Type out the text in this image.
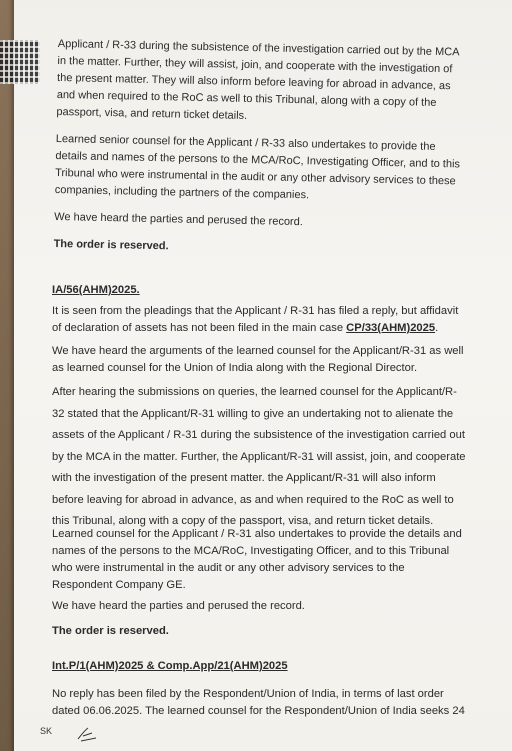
Applicant / R-33 during the subsistence of the investigation carried out by the MCA in the matter. Further, they will assist, join, and cooperate with the investigation of the present matter. They will also inform before leaving for abroad in advance, as and when required to the RoC as well to this Tribunal, along with a copy of the passport, visa, and return ticket details.

Learned senior counsel for the Applicant / R-33 also undertakes to provide the details and names of the persons to the MCA/RoC, Investigating Officer, and to this Tribunal who were instrumental in the audit or any other advisory services to these companies, including the partners of the companies.

We have heard the parties and perused the record.

The order is reserved.

IA/56(AHM)2025.

It is seen from the pleadings that the Applicant / R-31 has filed a reply, but affidavit of declaration of assets has not been filed in the main case CP/33(AHM)2025.

We have heard the arguments of the learned counsel for the Applicant/R-31 as well as learned counsel for the Union of India along with the Regional Director.

After hearing the submissions on queries, the learned counsel for the Applicant/R-32 stated that the Applicant/R-31 willing to give an undertaking not to alienate the assets of the Applicant / R-31 during the subsistence of the investigation carried out by the MCA in the matter. Further, the Applicant/R-31 will assist, join, and cooperate with the investigation of the present matter. the Applicant/R-31 will also inform before leaving for abroad in advance, as and when required to the RoC as well to this Tribunal, along with a copy of the passport, visa, and return ticket details.

Learned counsel for the Applicant / R-31 also undertakes to provide the details and names of the persons to the MCA/RoC, Investigating Officer, and to this Tribunal who were instrumental in the audit or any other advisory services to the Respondent Company GE.

We have heard the parties and perused the record.

The order is reserved.

Int.P/1(AHM)2025 & Comp.App/21(AHM)2025

No reply has been filed by the Respondent/Union of India, in terms of last order dated 06.06.2025. The learned counsel for the Respondent/Union of India seeks 24

SK
